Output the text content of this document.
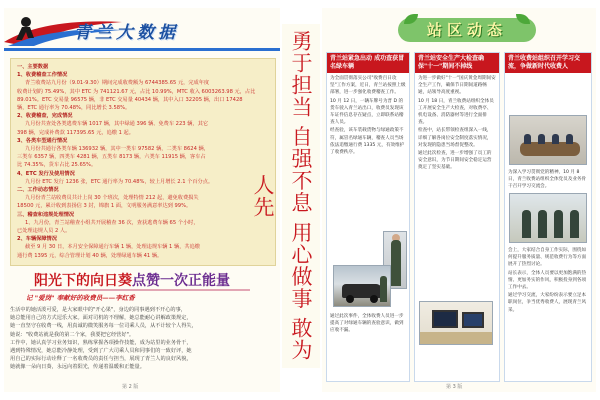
青兰大数据
一、主要数据
1、收费稽查工作情况
青兰收费站九月份（9.01-9.30）期间完成收费额为 6744385.65 元，完成年度
收费计划的 75.49%，其中 ETC 为 741121.67 元，占比 10.99%，MTC 收入 6003263.98 元，占比
89.01%。ETC 交易量 96575 辆，非 ETC 交易量 40434 辆，其中入口 32205 辆，出口 17428
辆，ETC 通行率为 70.48%，同比增长 3.58%。
2、收费稽查，完成情况
九月份共查处各类逃费车辆 1017 辆，其中绿通 396 辆、免费车 223 辆，其它
398 辆，完成补费款 117395.65 元，追缴 1 起。
3、各类车型通行情况
九月份共通行各类车辆 136932 辆，其中一类车 97582 辆，二类车 8624 辆，
三类车 6357 辆，四类车 4281 辆，五类车 8173 辆，六类车 11915 辆，客车占
比 74.35%，货车占比 25.65%。
4、ETC 发行及使用情况
九月份 ETC 发行 1236 张，ETC 通行率为 70.48%，较上月增长 2.1 个百分点。
二、工作动态情况
九月份青兰站收费员共计上岗 30 个班次，处理特情 212 起，避免收费损失
18500 元，累计收到表扬信 3 封，锦旗 1 面，文明服务满意率达到 99%。
三、稽查和违规处理情况
1、九月份，青兰站稽查小组共开展稽查 36 次，查获逃费车辆 65 个小时，
已处理违规人员 2 人。
2、车辆保障情况
截至 9 月 30 日，本月安全保障通行车辆 1 辆，处理违规车辆 1 辆，共追缴
通行费 1395 元，综合管理计划 40 辆，处理绿通车辆 41 辆。
阳光下的向日葵 点赞一次正能量
记 "爱岗" 奉献好的收费员——李红香
生活中的她活泼可爱，是大家眼中的"开心果"，身边的同事遇到不开心的事，
她总能用自己的方式逗乐大家。面对司机的不理解，她总能耐心讲解政策规定，
她一直坚守在收费一线，用真诚的微笑服务每一位司乘人员，从不计较个人得失，
她说："收费站就是我的第二个家，我要把它经营好"。
工作中，她认真学习业务知识，熟练掌握各项操作技能，成为站里的业务骨干，
遇到特殊情况，她总能冷静处理，受到了广大司乘人员和同事们的一致好评，她
用自己的实际行动诠释了一名收费员的责任与担当，展现了青兰人的良好风貌，
她就像一朵向日葵，永远向着阳光，传递着温暖和正能量。
第 2 版
勇于担当 自强不息 用心做事 敢为人先
站区动态
青兰站紧急出动 成功查获冒名绿车辆

为全面贯彻落实公司"收费百日攻坚"工作方案，近日，青兰站按照上级部署，进一步强化收费稽查工作。

10 月 12 日，一辆车牌号为晋 D 的货车驶入青兰站出口，收费员发现该车证件信息存在疑点，立即联系站稽查人员。

经查验，该车装载货物与绿通政策不符，属冒名绿通车辆，稽查人员当场依法追缴通行费 1335 元，有效维护了收费秩序。

通过此次事件，全体收费人员进一步提高了对绿通车辆的查验意识，做到应收不漏。

青兰站安全生产大检查确保"十一"期间不掉线

为进一步做好"十一"国庆黄金周期间安全生产工作，确保节日期间道路畅通，站领导高度重视。

10 月 18 日，青兰收费站组织全体员工开展安全生产大检查，对收费亭、机电设备、消防器材等进行全面排查。

检查中，站长带领检查组深入一线，详细了解各岗位安全制度落实情况，对发现的隐患当场督促整改。

通过此次检查，进一步增强了员工的安全意识，为节日期间安全稳定运营奠定了坚实基础。

青兰收费站组织召开学习交流，争做新时代收费人

为深入学习贯彻党的精神，10 月 8 日，青兰收费站组织全体党员及业务骨干召开学习交流会。

会上，大家结合自身工作实际，围绕如何提升服务质量、规范收费行为等方面展开了热烈讨论。

站长表示，全体人员要以更加饱满的热情、更加务实的作风，积极投身到各项工作中去。

通过学习交流，大家纷纷表示要立足本职岗位，争当优秀收费人，展现青兰风采。

第 3 版
